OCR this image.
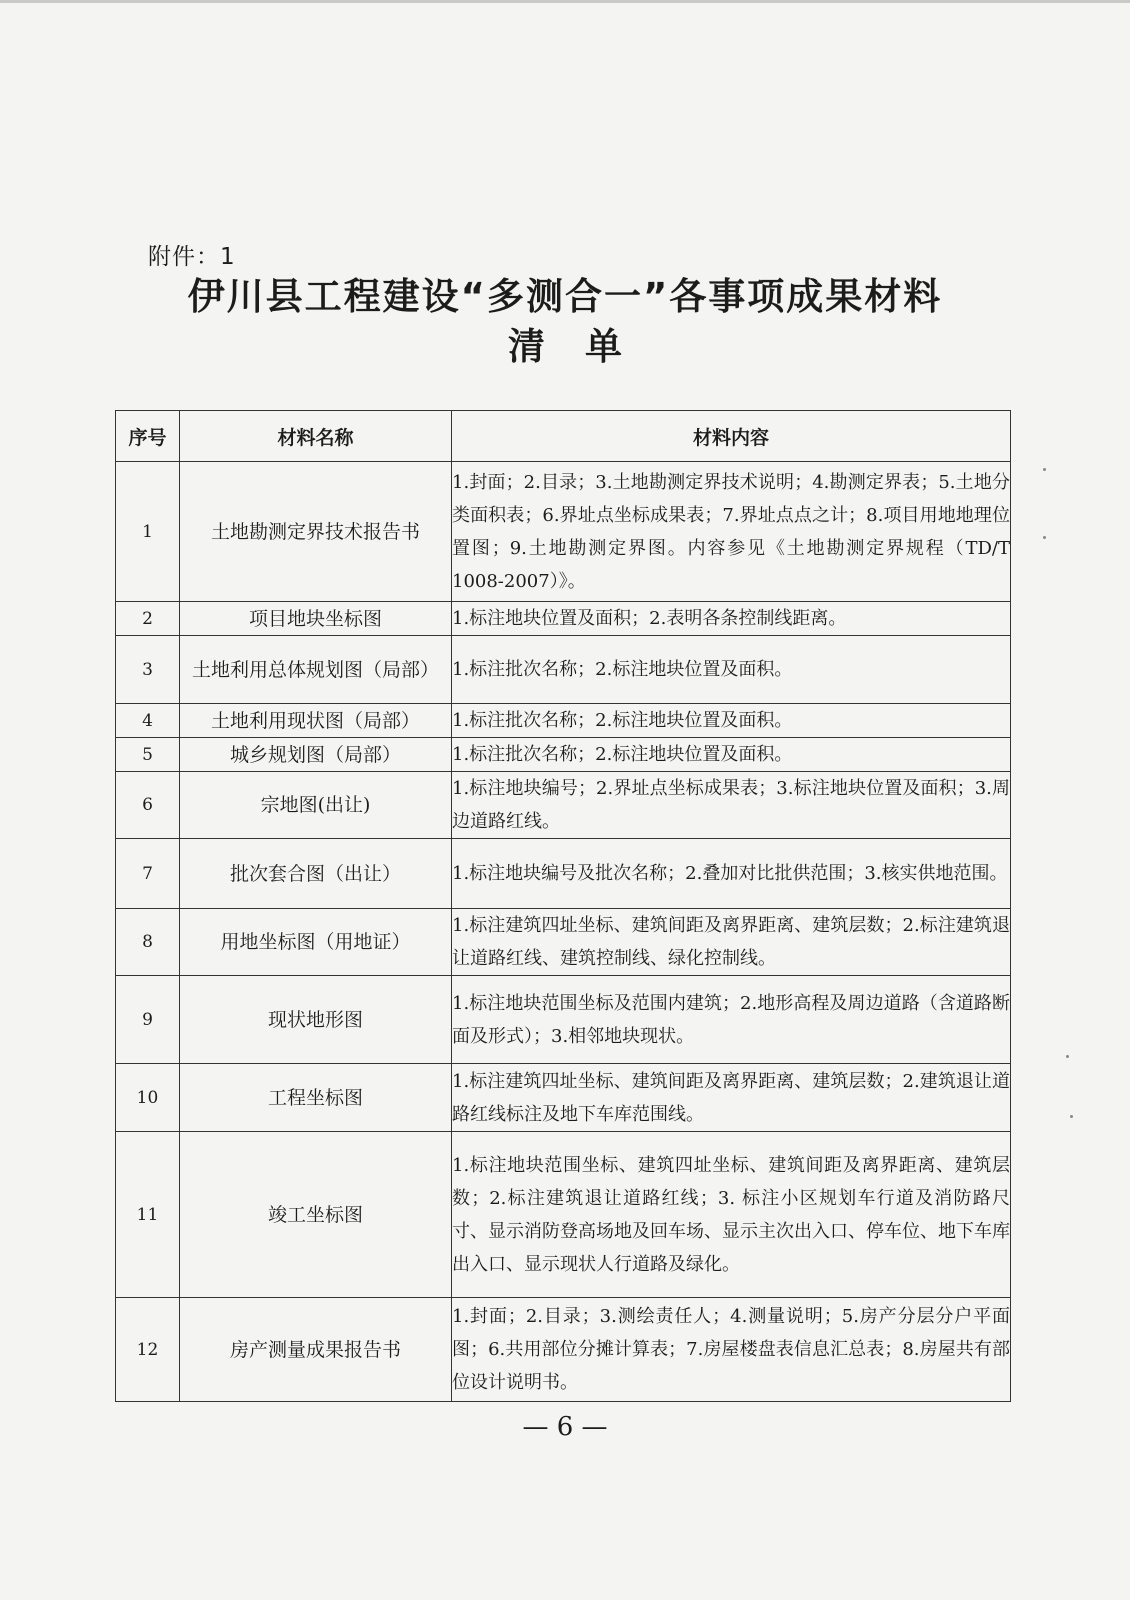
附件：1
伊川县工程建设“多测合一”各事项成果材料
清单
序号	材料名称	材料内容
1	土地勘测定界技术报告书	1.封面；2.目录；3.土地勘测定界技术说明；4.勘测定界表；5.土地分类面积表；6.界址点坐标成果表；7.界址点点之计；8.项目用地地理位置图；9.土地勘测定界图。内容参见《土地勘测定界规程（TD/T 1008-2007）》。
2	项目地块坐标图	1.标注地块位置及面积；2.表明各条控制线距离。
3	土地利用总体规划图（局部）	1.标注批次名称；2.标注地块位置及面积。
4	土地利用现状图（局部）	1.标注批次名称；2.标注地块位置及面积。
5	城乡规划图（局部）	1.标注批次名称；2.标注地块位置及面积。
6	宗地图(出让)	1.标注地块编号；2.界址点坐标成果表；3.标注地块位置及面积；3.周边道路红线。
7	批次套合图（出让）	1.标注地块编号及批次名称；2.叠加对比批供范围；3.核实供地范围。
8	用地坐标图（用地证）	1.标注建筑四址坐标、建筑间距及离界距离、建筑层数；2.标注建筑退让道路红线、建筑控制线、绿化控制线。
9	现状地形图	1.标注地块范围坐标及范围内建筑；2.地形高程及周边道路（含道路断面及形式）；3.相邻地块现状。
10	工程坐标图	1.标注建筑四址坐标、建筑间距及离界距离、建筑层数；2.建筑退让道路红线标注及地下车库范围线。
11	竣工坐标图	1.标注地块范围坐标、建筑四址坐标、建筑间距及离界距离、建筑层数；2.标注建筑退让道路红线；3. 标注小区规划车行道及消防路尺寸、显示消防登高场地及回车场、显示主次出入口、停车位、地下车库出入口、显示现状人行道路及绿化。
12	房产测量成果报告书	1.封面；2.目录；3.测绘责任人；4.测量说明；5.房产分层分户平面图；6.共用部位分摊计算表；7.房屋楼盘表信息汇总表；8.房屋共有部位设计说明书。
— 6 —
